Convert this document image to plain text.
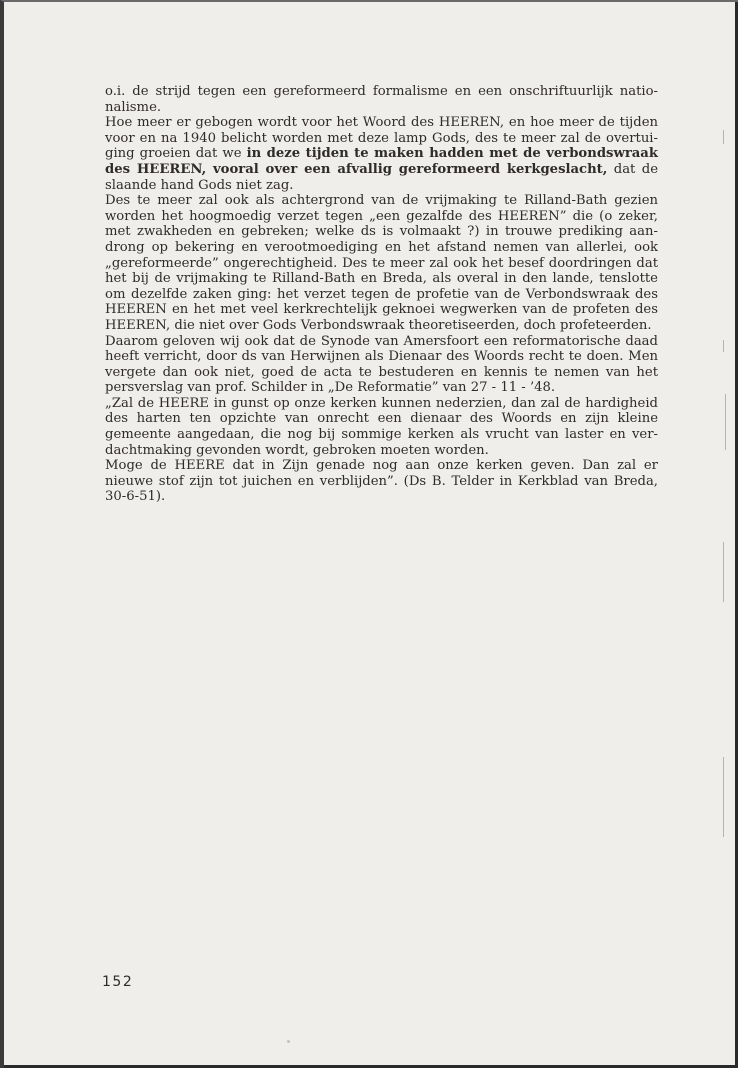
o.i. de strijd tegen een gereformeerd formalisme en een onschriftuurlijk nationalisme.

Hoe meer er gebogen wordt voor het Woord des HEEREN, en hoe meer de tijden voor en na 1940 belicht worden met deze lamp Gods, des te meer zal de overtuiging groeien dat we in deze tijden te maken hadden met de verbondswraak des HEEREN, vooral over een afvallig gereformeerd kerkgeslacht, dat de slaande hand Gods niet zag.

Des te meer zal ook als achtergrond van de vrijmaking te Rilland-Bath gezien worden het hoogmoedig verzet tegen „een gezalfde des HEEREN” die (o zeker, met zwakheden en gebreken; welke ds is volmaakt ?) in trouwe prediking aandrong op bekering en verootmoediging en het afstand nemen van allerlei, ook „gereformeerde” ongerechtigheid. Des te meer zal ook het besef doordringen dat het bij de vrijmaking te Rilland-Bath en Breda, als overal in den lande, tenslotte om dezelfde zaken ging: het verzet tegen de profetie van de Verbondswraak des HEEREN en het met veel kerkrechtelijk geknoei wegwerken van de profeten des HEEREN, die niet over Gods Verbondswraak theoretiseerden, doch profeteerden.

Daarom geloven wij ook dat de Synode van Amersfoort een reformatorische daad heeft verricht, door ds van Herwijnen als Dienaar des Woords recht te doen. Men vergete dan ook niet, goed de acta te bestuderen en kennis te nemen van het persverslag van prof. Schilder in „De Reformatie” van 27 - 11 - ’48.

„Zal de HEERE in gunst op onze kerken kunnen nederzien, dan zal de hardigheid des harten ten opzichte van onrecht een dienaar des Woords en zijn kleine gemeente aangedaan, die nog bij sommige kerken als vrucht van laster en verdachtmaking gevonden wordt, gebroken moeten worden.

Moge de HEERE dat in Zijn genade nog aan onze kerken geven. Dan zal er nieuwe stof zijn tot juichen en verblijden”. (Ds B. Telder in Kerkblad van Breda, 30-6-51).

152
